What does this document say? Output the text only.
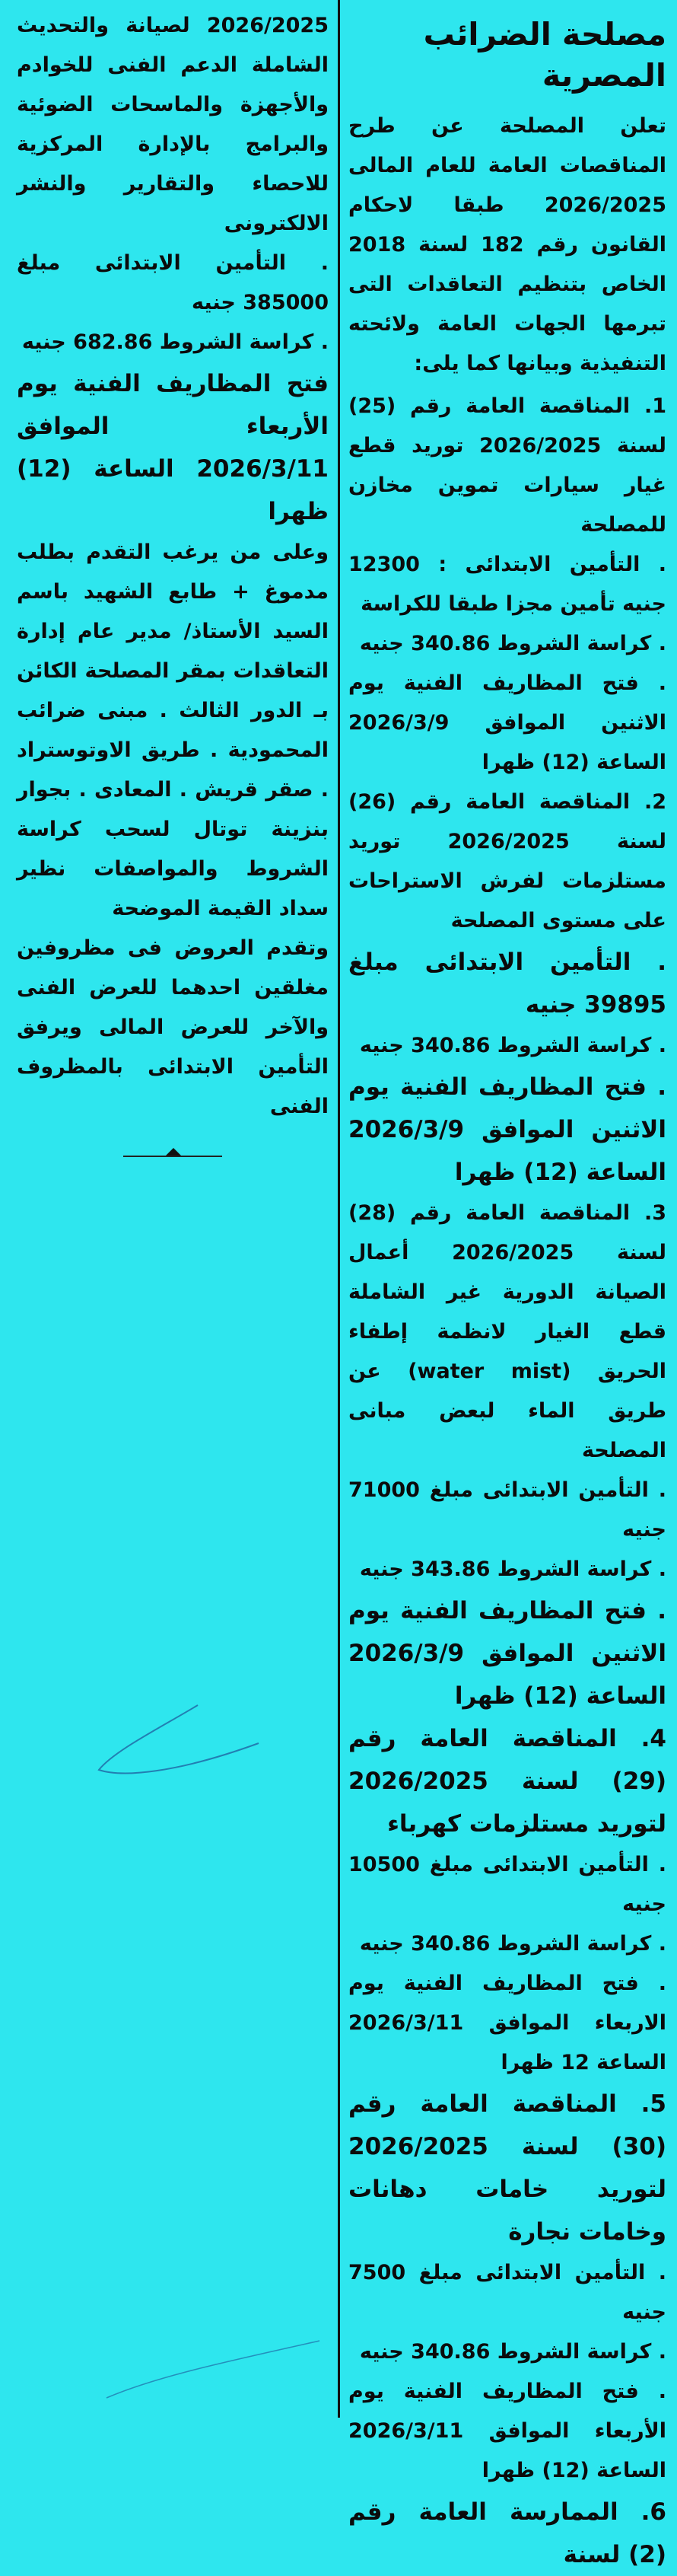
مصلحة الضرائب المصرية

تعلن المصلحة عن طرح المناقصات العامة للعام المالى 2026/2025 طبقا لاحكام القانون رقم 182 لسنة 2018 الخاص بتنظيم التعاقدات التى تبرمها الجهات العامة ولائحته التنفيذية وبيانها كما يلى:

1. المناقصة العامة رقم (25) لسنة 2026/2025 توريد قطع غيار سيارات تموين مخازن للمصلحة

. التأمين الابتدائى : 12300 جنيه تأمين مجزا طبقا للكراسة

. كراسة الشروط 340.86 جنيه

. فتح المظاريف الفنية يوم الاثنين الموافق 2026/3/9 الساعة (12) ظهرا

2. المناقصة العامة رقم (26) لسنة 2026/2025 توريد مستلزمات لفرش الاستراحات على مستوى المصلحة

. التأمين الابتدائى مبلغ 39895 جنيه

. كراسة الشروط 340.86 جنيه

. فتح المظاريف الفنية يوم الاثنين الموافق 2026/3/9 الساعة (12) ظهرا

3. المناقصة العامة رقم (28) لسنة 2026/2025 أعمال الصيانة الدورية غير الشاملة قطع الغيار لانظمة إطفاء الحريق (water mist) عن طريق الماء لبعض مبانى المصلحة

. التأمين الابتدائى مبلغ 71000 جنيه

. كراسة الشروط 343.86 جنيه

. فتح المظاريف الفنية يوم الاثنين الموافق 2026/3/9 الساعة (12) ظهرا

4. المناقصة العامة رقم (29) لسنة 2026/2025 لتوريد مستلزمات كهرباء

. التأمين الابتدائى مبلغ 10500 جنيه

. كراسة الشروط 340.86 جنيه

. فتح المظاريف الفنية يوم الاربعاء الموافق 2026/3/11 الساعة 12 ظهرا

5. المناقصة العامة رقم (30) لسنة 2026/2025 لتوريد خامات دهانات وخامات نجارة

. التأمين الابتدائى مبلغ 7500 جنيه

. كراسة الشروط 340.86 جنيه

. فتح المظاريف الفنية يوم الأربعاء الموافق 2026/3/11 الساعة (12) ظهرا

6. الممارسة العامة رقم (2) لسنة

2026/2025 لصيانة والتحديث الشاملة الدعم الفنى للخوادم والأجهزة والماسحات الضوئية والبرامج بالإدارة المركزية للاحصاء والتقارير والنشر الالكترونى

. التأمين الابتدائى مبلغ 385000 جنيه

. كراسة الشروط 682.86 جنيه

فتح المظاريف الفنية يوم الأربعاء الموافق 2026/3/11 الساعة (12) ظهرا

وعلى من يرغب التقدم بطلب مدموغ + طابع الشهيد باسم السيد الأستاذ/ مدير عام إدارة التعاقدات بمقر المصلحة الكائن بـ الدور الثالث . مبنى ضرائب المحمودية . طريق الاوتوستراد . صقر قريش . المعادى . بجوار بنزينة توتال لسحب كراسة الشروط والمواصفات نظير سداد القيمة الموضحة

وتقدم العروض فى مظروفين مغلقين احدهما للعرض الفنى والآخر للعرض المالى ويرفق التأمين الابتدائى بالمظروف الفنى
